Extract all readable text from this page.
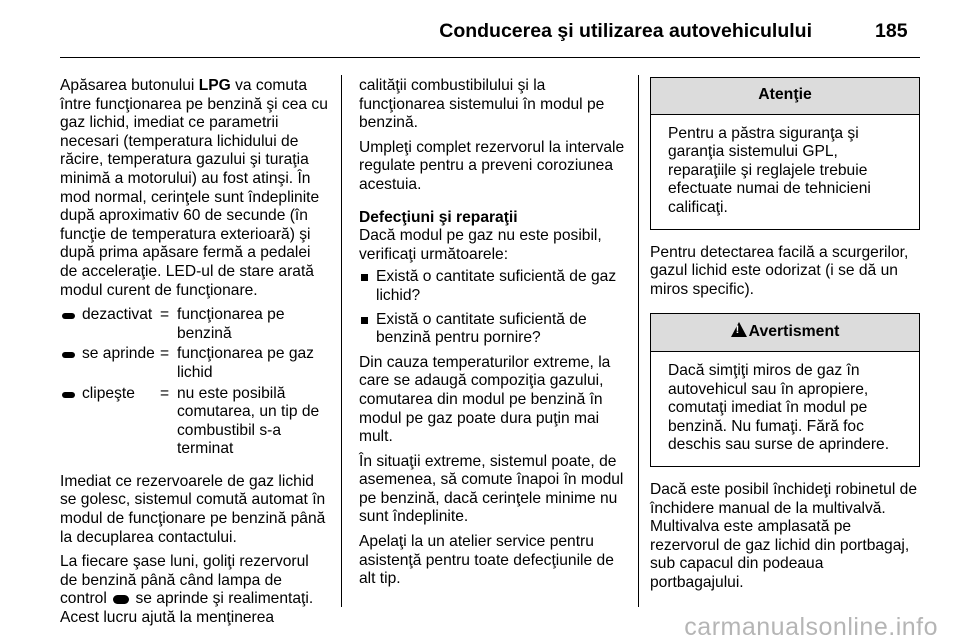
Conducerea şi utilizarea autovehiculului	185

Apăsarea butonului LPG va comuta între funcţionarea pe benzină şi cea cu gaz lichid, imediat ce parametrii necesari (temperatura lichidului de răcire, temperatura gazului şi turaţia minimă a motorului) au fost atinşi. În mod normal, cerinţele sunt îndeplinite după aproximativ 60 de secunde (în funcţie de temperatura exterioară) şi după prima apăsare fermă a pedalei de acceleraţie. LED-ul de stare arată modul curent de funcţionare.

dezactivat = funcţionarea pe benzină
se aprinde = funcţionarea pe gaz lichid
clipeşte	= nu este posibilă comutarea, un tip de combustibil s-a terminat

Imediat ce rezervoarele de gaz lichid se golesc, sistemul comută automat în modul de funcţionare pe benzină până la decuplarea contactului.

La fiecare şase luni, goliţi rezervorul de benzină până când lampa de control  se aprinde şi realimentaţi. Acest lucru ajută la menţinerea

calităţii combustibilului şi la funcţionarea sistemului în modul pe benzină.

Umpleţi complet rezervorul la intervale regulate pentru a preveni coroziunea acestuia.

Defecţiuni şi reparaţii

Dacă modul pe gaz nu este posibil, verificaţi următoarele:

Există o cantitate suficientă de gaz lichid?
Există o cantitate suficientă de benzină pentru pornire?

Din cauza temperaturilor extreme, la care se adaugă compoziţia gazului, comutarea din modul pe benzină în modul pe gaz poate dura puţin mai mult.

În situaţii extreme, sistemul poate, de asemenea, să comute înapoi în modul pe benzină, dacă cerinţele minime nu sunt îndeplinite.

Apelaţi la un atelier service pentru asistenţă pentru toate defecţiunile de alt tip.

Atenţie
Pentru a păstra siguranţa şi garanţia sistemului GPL, reparaţiile şi reglajele trebuie efectuate numai de tehnicieni calificaţi.

Pentru detectarea facilă a scurgerilor, gazul lichid este odorizat (i se dă un miros specific).

!Avertisment
Dacă simţiţi miros de gaz în autovehicul sau în apropiere, comutaţi imediat în modul pe benzină. Nu fumaţi. Fără foc deschis sau surse de aprindere.

Dacă este posibil închideţi robinetul de închidere manual de la multivalvă. Multivalva este amplasată pe rezervorul de gaz lichid din portbagaj, sub capacul din podeaua portbagajului.

carmanualsonline.info
